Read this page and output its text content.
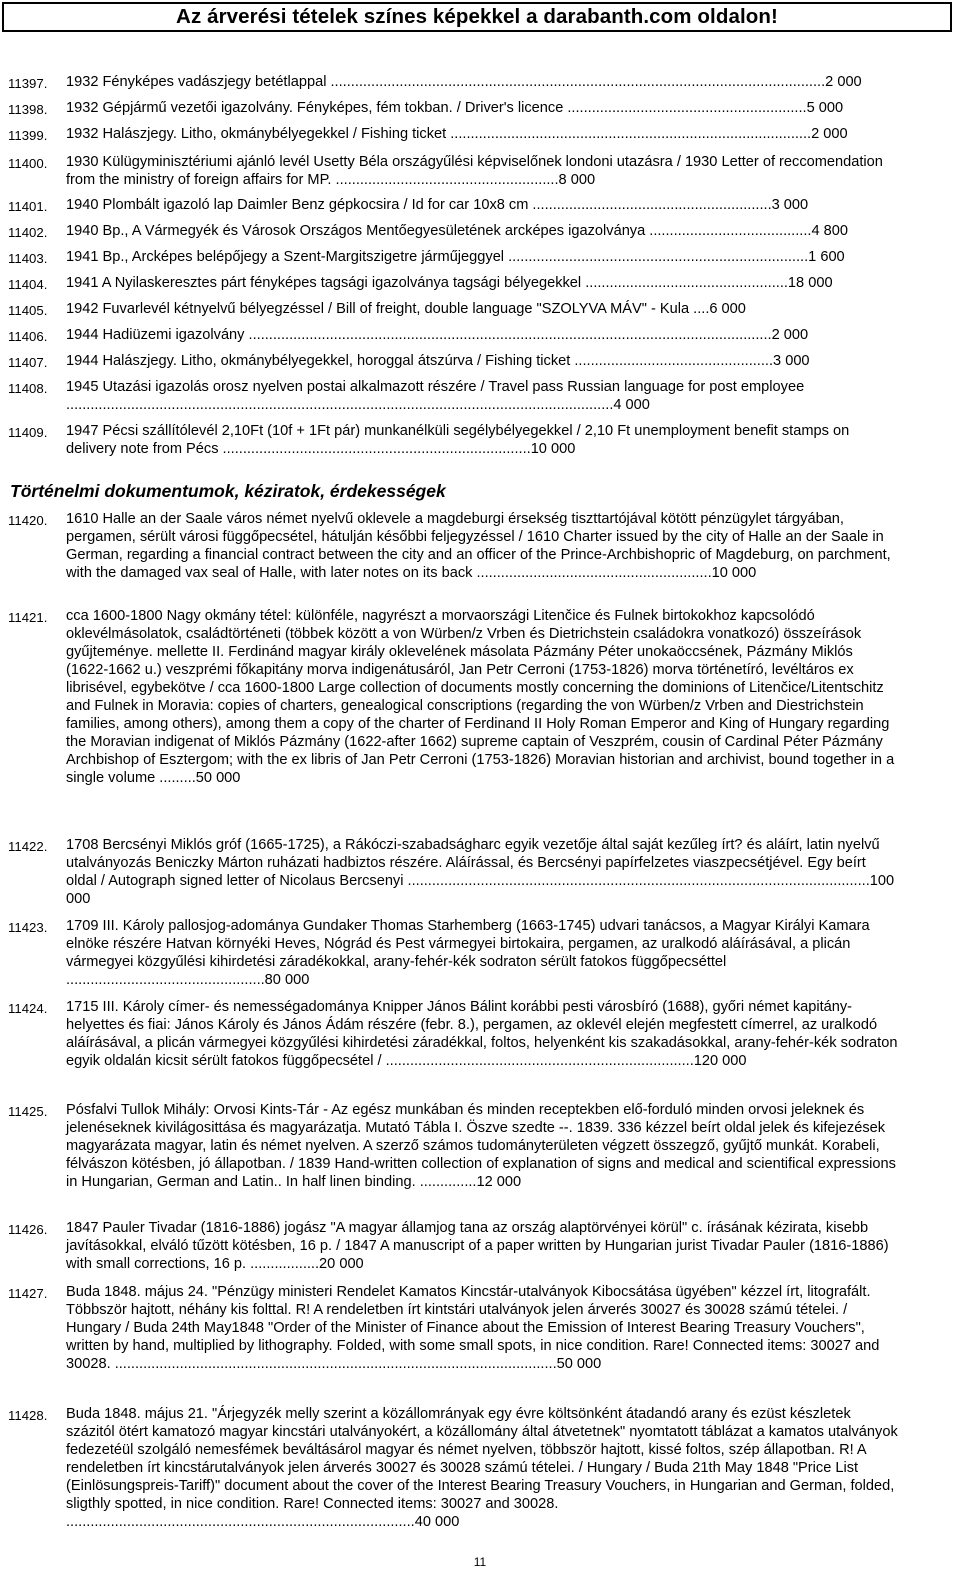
Az árverési tételek színes képekkel a darabanth.com oldalon!
11397.	1932 Fényképes vadászjegy betétlappal ..........................................................................................................................2 000
11398.	1932 Gépjármű vezetői igazolvány. Fényképes, fém tokban. / Driver's licence ...........................................................5 000
11399.	1932 Halászjegy. Litho, okmánybélyegekkel / Fishing ticket .........................................................................................2 000
11400.	1930 Külügyminisztériumi ajánló levél Usetty Béla országyűlési képviselőnek londoni utazásra / 1930 Letter of reccomendation from the ministry of foreign affairs for MP. .......................................................8 000
11401.	1940 Plombált igazoló lap Daimler Benz gépkocsira / Id for car 10x8 cm ...........................................................3 000
11402.	1940 Bp., A Vármegyék és Városok Országos Mentőegyesületének arcképes igazolványa ........................................4 800
11403.	1941 Bp., Arcképes belépőjegy a Szent-Margitszigetre járműjeggyel ..........................................................................1 600
11404.	1941 A Nyilaskeresztes párt fényképes tagsági igazolványa tagsági bélyegekkel ..................................................18 000
11405.	1942 Fuvarlevél kétnyelvű bélyegzéssel / Bill of freight, double language "SZOLYVA MÁV" - Kula ....6 000
11406.	1944 Hadiüzemi igazolvány .................................................................................................................................2 000
11407.	1944 Halászjegy. Litho, okmánybélyegekkel, horoggal átszúrva / Fishing ticket .................................................3 000
11408.	1945 Utazási igazolás orosz nyelven postai alkalmazott részére / Travel pass Russian language for post employee .......................................................................................................................................4 000
11409.	1947 Pécsi szállítólevél 2,10Ft (10f + 1Ft pár) munkanélküli segélybélyegekkel / 2,10 Ft unemployment benefit stamps on delivery note from Pécs ............................................................................10 000
Történelmi dokumentumok, kéziratok, érdekességek
11420.	1610 Halle an der Saale város német nyelvű oklevele a magdeburgi érsekség tiszttartójával kötött pénzügylet tárgyában, pergamen, sérült városi függőpecsétel, hátulján későbbi feljegyzéssel / 1610 Charter issued by the city of Halle an der Saale in German, regarding a financial contract between the city and an officer of the Prince-Archbishopric of Magdeburg, on parchment, with the damaged vax seal of Halle, with later notes on its back ..........................................................10 000
11421.	cca 1600-1800 Nagy okmány tétel: különféle, nagyrészt a morvaországi Litenčice és Fulnek birtokokhoz kapcsolódó oklevélmásolatok, családtörténeti (többek között a von Würben/z Vrben és Dietrichstein családokra vonatkozó) összeírások gyűjteménye. mellette II. Ferdinánd magyar király oklevelének másolata Pázmány Péter unokaöccsének, Pázmány Miklós (1622-1662 u.) veszprémi főkapitány morva indigenátusáról, Jan Petr Cerroni (1753-1826) morva történetíró, levéltáros ex librisével, egybekötve / cca 1600-1800 Large collection of documents mostly concerning the dominions of Litenčice/Litentschitz and Fulnek in Moravia: copies of charters, genealogical conscriptions (regarding the von Würben/z Vrben and Diestrichstein families, among others), among them a copy of the charter of Ferdinand II Holy Roman Emperor and King of Hungary regarding the Moravian indigenat of Miklós Pázmány (1622-after 1662) supreme captain of Veszprém, cousin of Cardinal Péter Pázmány Archbishop of Esztergom; with the ex libris of Jan Petr Cerroni (1753-1826) Moravian historian and archivist, bound together in a single volume .........50 000
11422.	1708 Bercsényi Miklós gróf (1665-1725), a Rákóczi-szabadságharc egyik vezetője által saját kezűleg írt? és aláírt, latin nyelvű utalványozás Beniczky Márton ruházati hadbiztos részére. Aláírással, és Bercsényi papírfelzetes viaszpecsétjével. Egy beírt oldal / Autograph signed letter of Nicolaus Bercsenyi ..................................................................................................................100 000
11423.	1709 III. Károly pallosjog-adománya Gundaker Thomas Starhemberg (1663-1745) udvari tanácsos, a Magyar Királyi Kamara elnöke részére Hatvan környéki Heves, Nógrád és Pest vármegyei birtokaira, pergamen, az uralkodó aláírásával, a plicán vármegyei közgyűlési kihirdetési záradékokkal, arany-fehér-kék sodraton sérült fatokos függőpecséttel .................................................80 000
11424.	1715 III. Károly címer- és nemességadománya Knipper János Bálint korábbi pesti városbíró (1688), győri német kapitány-helyettes és fiai: János Károly és János Ádám részére (febr. 8.), pergamen, az oklevél elején megfestett címerrel, az uralkodó aláírásával, a plicán vármegyei közgyűlési kihirdetési záradékkal, foltos, helyenként kis szakadásokkal, arany-fehér-kék sodraton egyik oldalán kicsit sérült fatokos függőpecsétel / ............................................................................120 000
11425.	Pósfalvi Tullok Mihály: Orvosi Kints-Tár - Az egész munkában és minden receptekben elő-forduló minden orvosi jeleknek és jelenéseknek kivilágosittása és magyarázatja. Mutató Tábla I. Öszve szedte --. 1839. 336 kézzel beírt oldal jelek és kifejezések magyarázata magyar, latin és német nyelven. A szerző számos tudományterületen végzett összegző, gyűjtő munkát. Korabeli, félvászon kötésben, jó állapotban. / 1839 Hand-written collection of explanation of signs and medical and scientifical expressions in Hungarian, German and Latin.. In half linen binding. ..............12 000
11426.	1847 Pauler Tivadar (1816-1886) jogász "A magyar államjog tana az ország alaptörvényei körül" c. írásának kézirata, kisebb javításokkal, elváló tűzött kötésben, 16 p. / 1847 A manuscript of a paper written by Hungarian jurist Tivadar Pauler (1816-1886) with small corrections, 16 p. .................20 000
11427.	Buda 1848. május 24. "Pénzügy ministeri Rendelet Kamatos Kincstár-utalványok Kibocsátása ügyében" kézzel írt, litografált. Többször hajtott, néhány kis folttal. R! A rendeletben írt kintstári utalványok jelen árverés 30027 és 30028 számú tételei. / Hungary / Buda 24th May1848 "Order of the Minister of Finance about the Emission of Interest Bearing Treasury Vouchers", written by hand, multiplied by lithography. Folded, with some small spots, in nice condition. Rare! Connected items: 30027 and 30028. .............................................................................................................50 000
11428.	Buda 1848. május 21. "Árjegyzék melly szerint a közállomrányak egy évre költsönként átadandó arany és ezüst készletek százitól ötért kamatozó magyar kincstári utalványokért, a közállomány által átvetetnek" nyomtatott táblázat a kamatos utalványok fedezetéül szolgáló nemesfémek beváltásárol magyar és német nyelven, többször hajtott, kissé foltos, szép állapotban. R! A rendeletben írt kincstárutalványok jelen árverés 30027 és 30028 számú tételei. / Hungary / Buda 21th May 1848 "Price List (Einlösungspreis-Tariff)" document about the cover of the Interest Bearing Treasury Vouchers, in Hungarian and German, folded, sligthly spotted, in nice condition. Rare! Connected items: 30027 and 30028. ......................................................................................40 000
11
